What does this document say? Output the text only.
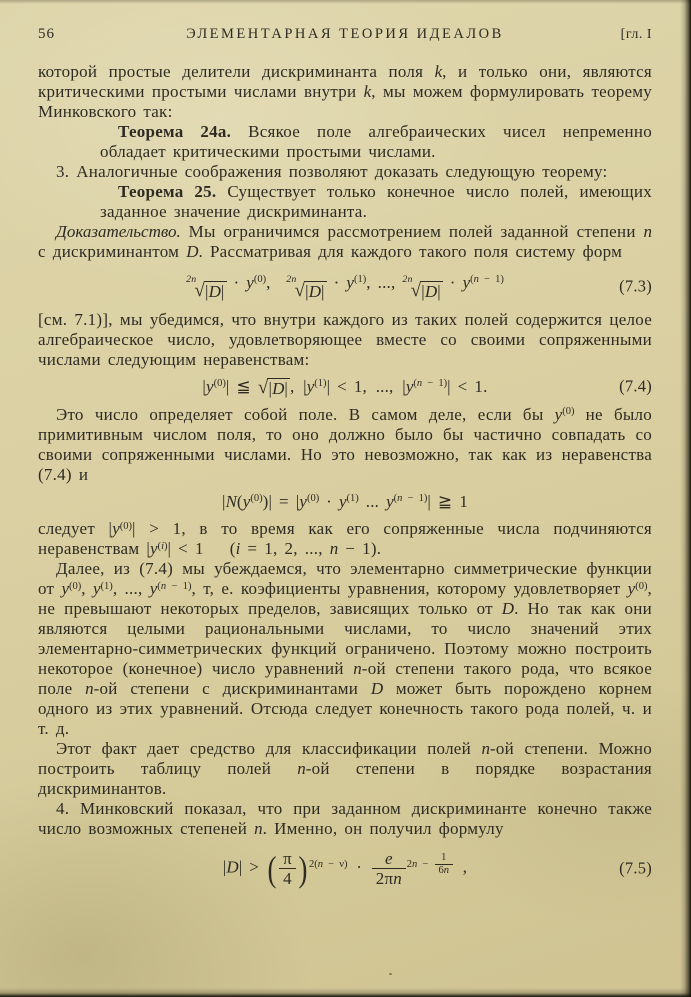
56	ЭЛЕМЕНТАРНАЯ ТЕОРИЯ ИДЕАЛОВ	[гл. I

которой простые делители дискриминанта поля k, и только они, являются критическими простыми числами внутри k, мы можем формулировать теорему Минковского так:

Теорема 24а. Всякое поле алгебраических чисел непременно обладает критическими простыми числами.

3. Аналогичные соображения позволяют доказать следующую теорему:

Теорема 25. Существует только конечное число полей, имеющих заданное значение дискриминанта.

Доказательство. Мы ограничимся рассмотрением полей заданной степени n с дискриминантом D. Рассматривая для каждого такого поля систему форм

2n
√ $|D| \cdot y^{(0)}$,  2n
√ $|D| \cdot y^{(1)}$, ..., 2n
√ $|D| \cdot y^{(n - 1)}$	(7.3)

[см. 7.1)], мы убедимся, что внутри каждого из таких полей содержится целое алгебраическое число, удовлетворяющее вместе со своими сопряженными числами следующим неравенствам:

$|y^{(0)}|$ ≦ √ |D| , $|y^{(1)}| < 1$, ..., $|y^{(n - 1)}| < 1$.	(7.4)

Это число определяет собой поле. В самом деле, если бы $y^{(0)}$ не было примитивным числом поля, то оно должно было бы частично совпадать со своими сопряженными числами. Но это невозможно, так как из неравенства (7.4) и

$|N(y^{(0)})| = |y^{(0)} \cdot y^{(1)}$ ... $y^{(n - 1)}|$ ≧ 1

следует $|y^{(0)}| > 1$, в то время как его сопряженные числа подчиняются неравенствам $|y^{(i)}| < 1$  (i = 1, 2, ..., n − 1).

Далее, из (7.4) мы убеждаемся, что элементарно симметрические функции от $y^{(0)}$, $y^{(1)}$, ..., $y^{(n - 1)}$, т, е. коэфициенты уравнения, которому удовлетворяет $y^{(0)}$, не превышают некоторых пределов, зависящих только от D. Но так как они являются целыми рациональными числами, то число значений этих элементарно-симметрических функций ограничено. Поэтому можно построить некоторое (конечное) число уравнений n-ой степени такого рода, что всякое поле n-ой степени с дискриминантами D может быть порождено корнем одного из этих уравнений. Отсюда следует конечность такого рода полей, ч. и т. д.

Этот факт дает средство для классификации полей n-ой степени. Можно построить таблицу полей n-ой степени в порядке возрастания дискриминантов.

4. Минковский показал, что при заданном дискриминанте конечно также число возможных степеней n. Именно, он получил формулу

|D| > ( $\frac{\pi}{4}$ ) $^{2(n - \nu)}$ ·  $\frac{e}{2\pi n} ^{2n - \frac{1}{6n}}$  ,	(7.5)
